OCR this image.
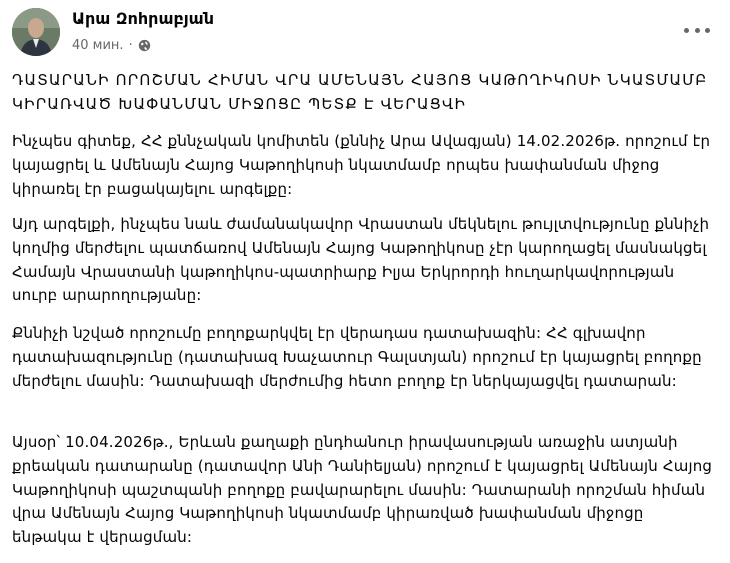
Արա Զոհրաբյան
40 мин. ·
ԴԱՏԱՐԱՆԻ ՈՐՈՇՄԱՆ ՀԻՄԱՆ ՎՐԱ ԱՄԵՆԱՅՆ ՀԱՅՈՑ ԿԱԹՈՂԻԿՈՍԻ ՆԿԱՏՄԱՄԲ ԿԻՐԱՌՎԱԾ ԽԱՓԱՆՄԱՆ ՄԻՋՈՑԸ ՊԵՏՔ Է ՎԵՐԱՑՎԻ
Ինչպես գիտեք, ՀՀ քննչական կոմիտեն (քննիչ Արա Ավագյան) 14.02.2026թ. որոշում էր կայացրել և Ամենայն Հայոց Կաթողիկոսի նկատմամբ որպես խափանման միջոց կիրառել էր բացակայելու արգելքը:
Այդ արգելքի, ինչպես նաև ժամանակավոր Վրաստան մեկնելու թույլտվությունը քննիչի կողմից մերժելու պատճառով Ամենայն Հայոց Կաթողիկոսը չէր կարողացել մասնակցել Համայն Վրաստանի կաթողիկոս-պատրիարք Իլյա Երկրորդի հուղարկավորության սուրբ արարողությանը:
Քննիչի նշված որոշումը բողոքարկվել էր վերադաս դատախազին: ՀՀ գլխավոր դատախազությունը (դատախազ Խաչատուր Գալստյան) որոշում էր կայացրել բողոքը մերժելու մասին: Դատախազի մերժումից հետո բողոք էր ներկայացվել դատարան:
Այսօր՝ 10.04.2026թ., Երևան քաղաքի ընդհանուր իրավասության առաջին ատյանի քրեական դատարանը (դատավոր Անի Դանիելյան) որոշում է կայացրել Ամենայն Հայոց Կաթողիկոսի պաշտպանի բողոքը բավարարելու մասին: Դատարանի որոշման հիման վրա Ամենայն Հայոց Կաթողիկոսի նկատմամբ կիրառված խափանման միջոցը ենթակա է վերացման:
